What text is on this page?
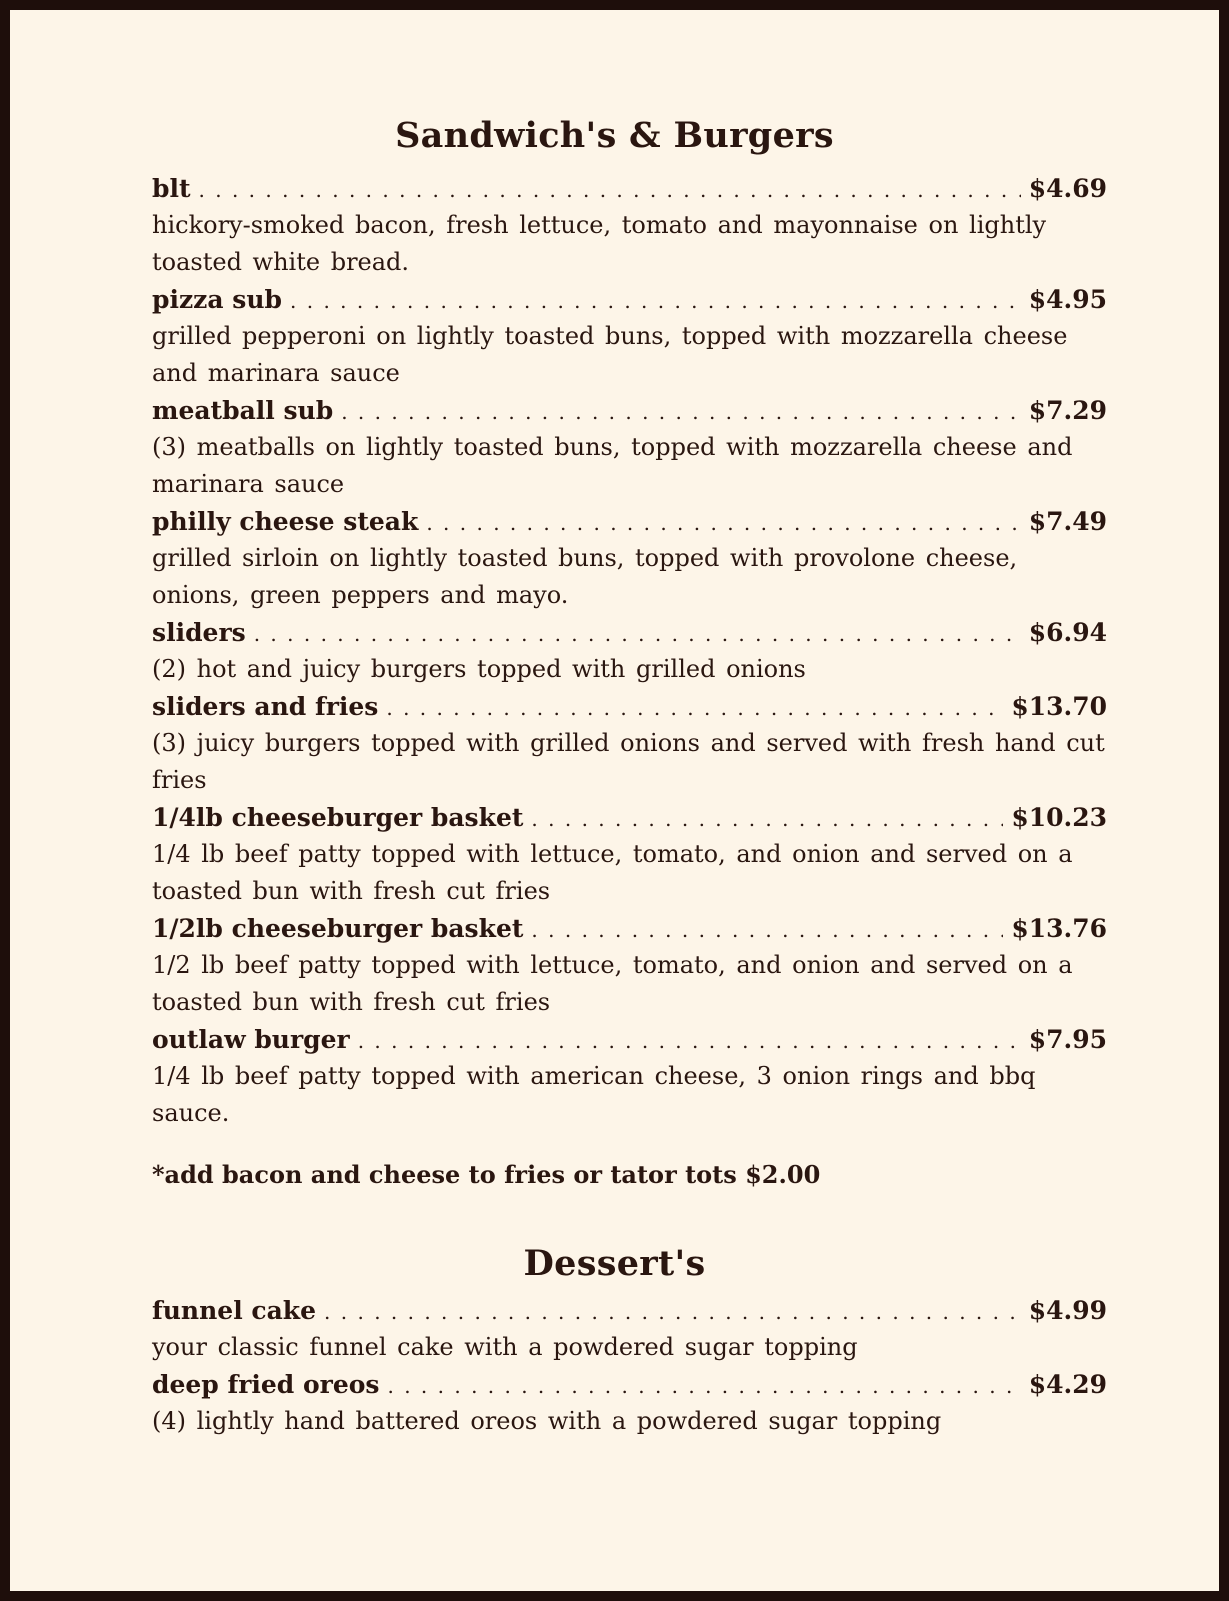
Sandwich's & Burgers
blt . . .	$4.69

hickory-smoked bacon, fresh lettuce, tomato and mayonnaise on lightly toasted white bread.

pizza sub . . .	$4.95

grilled pepperoni on lightly toasted buns, topped with mozzarella cheese and marinara sauce

meatball sub . . .	$7.29

(3) meatballs on lightly toasted buns, topped with mozzarella cheese and marinara sauce

philly cheese steak . . .	$7.49

grilled sirloin on lightly toasted buns, topped with provolone cheese, onions, green peppers and mayo.

sliders . . .	$6.94

(2) hot and juicy burgers topped with grilled onions

sliders and fries . . .	$13.70

(3) juicy burgers topped with grilled onions and served with fresh hand cut fries

1/4lb cheeseburger basket . . .	$10.23

1/4 lb beef patty topped with lettuce, tomato, and onion and served on a toasted bun with fresh cut fries

1/2lb cheeseburger basket . . .	$13.76

1/2 lb beef patty topped with lettuce, tomato, and onion and served on a toasted bun with fresh cut fries

outlaw burger . . .	$7.95

1/4 lb beef patty topped with american cheese, 3 onion rings and bbq sauce.

*add bacon and cheese to fries or tator tots $2.00

Dessert's
funnel cake . . .	$4.99

your classic funnel cake with a powdered sugar topping

deep fried oreos . . .	$4.29

(4) lightly hand battered oreos with a powdered sugar topping
